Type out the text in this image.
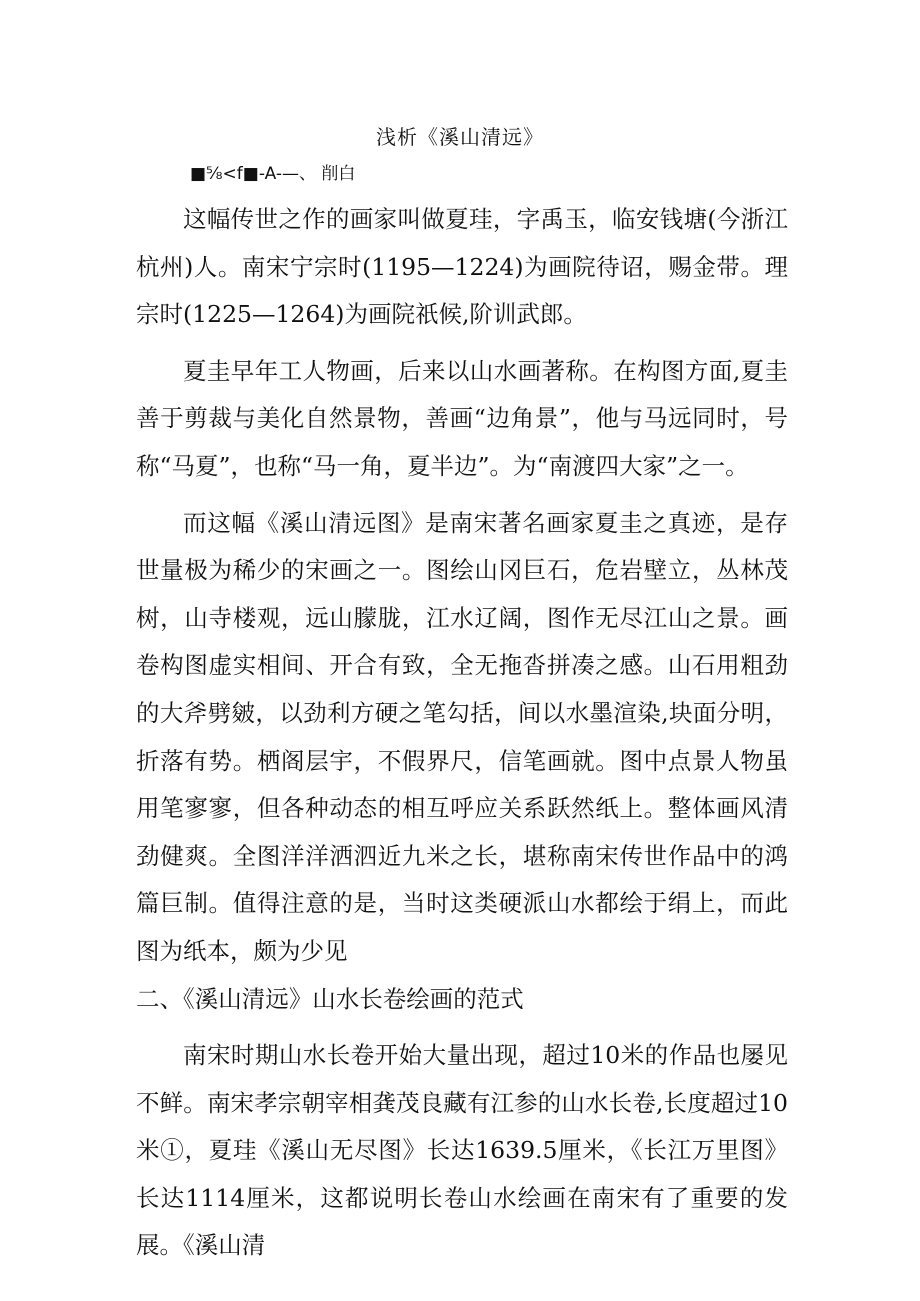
浅析《溪山清远》
■⅝<f■-A-—、 削白

这幅传世之作的画家叫做夏珪，字禹玉，临安钱塘(今浙江杭州)人。南宋宁宗时(1195—1224)为画院待诏，赐金带。理宗时(1225—1264)为画院祇候,阶训武郎。

夏圭早年工人物画，后来以山水画著称。在构图方面,夏圭善于剪裁与美化自然景物，善画“边角景”，他与马远同时，号称“马夏”，也称“马一角，夏半边”。为“南渡四大家”之一。

而这幅《溪山清远图》是南宋著名画家夏圭之真迹，是存世量极为稀少的宋画之一。图绘山冈巨石，危岩壁立，丛林茂树，山寺楼观，远山朦胧，江水辽阔，图作无尽江山之景。画卷构图虚实相间、开合有致，全无拖沓拼凑之感。山石用粗劲的大斧劈皴，以劲利方硬之笔勾括，间以水墨渲染,块面分明，折落有势。栖阁层宇，不假界尺，信笔画就。图中点景人物虽用笔寥寥，但各种动态的相互呼应关系跃然纸上。整体画风清劲健爽。全图洋洋洒泗近九米之长，堪称南宋传世作品中的鸿篇巨制。值得注意的是，当时这类硬派山水都绘于绢上，而此图为纸本，颇为少见

二、《溪山清远》山水长卷绘画的范式

南宋时期山水长卷开始大量出现，超过10米的作品也屡见不鲜。南宋孝宗朝宰相龚茂良藏有江参的山水长卷,长度超过10米①，夏珪《溪山无尽图》长达1639.5厘米，《长江万里图》长达1114厘米，这都说明长卷山水绘画在南宋有了重要的发展。《溪山清
